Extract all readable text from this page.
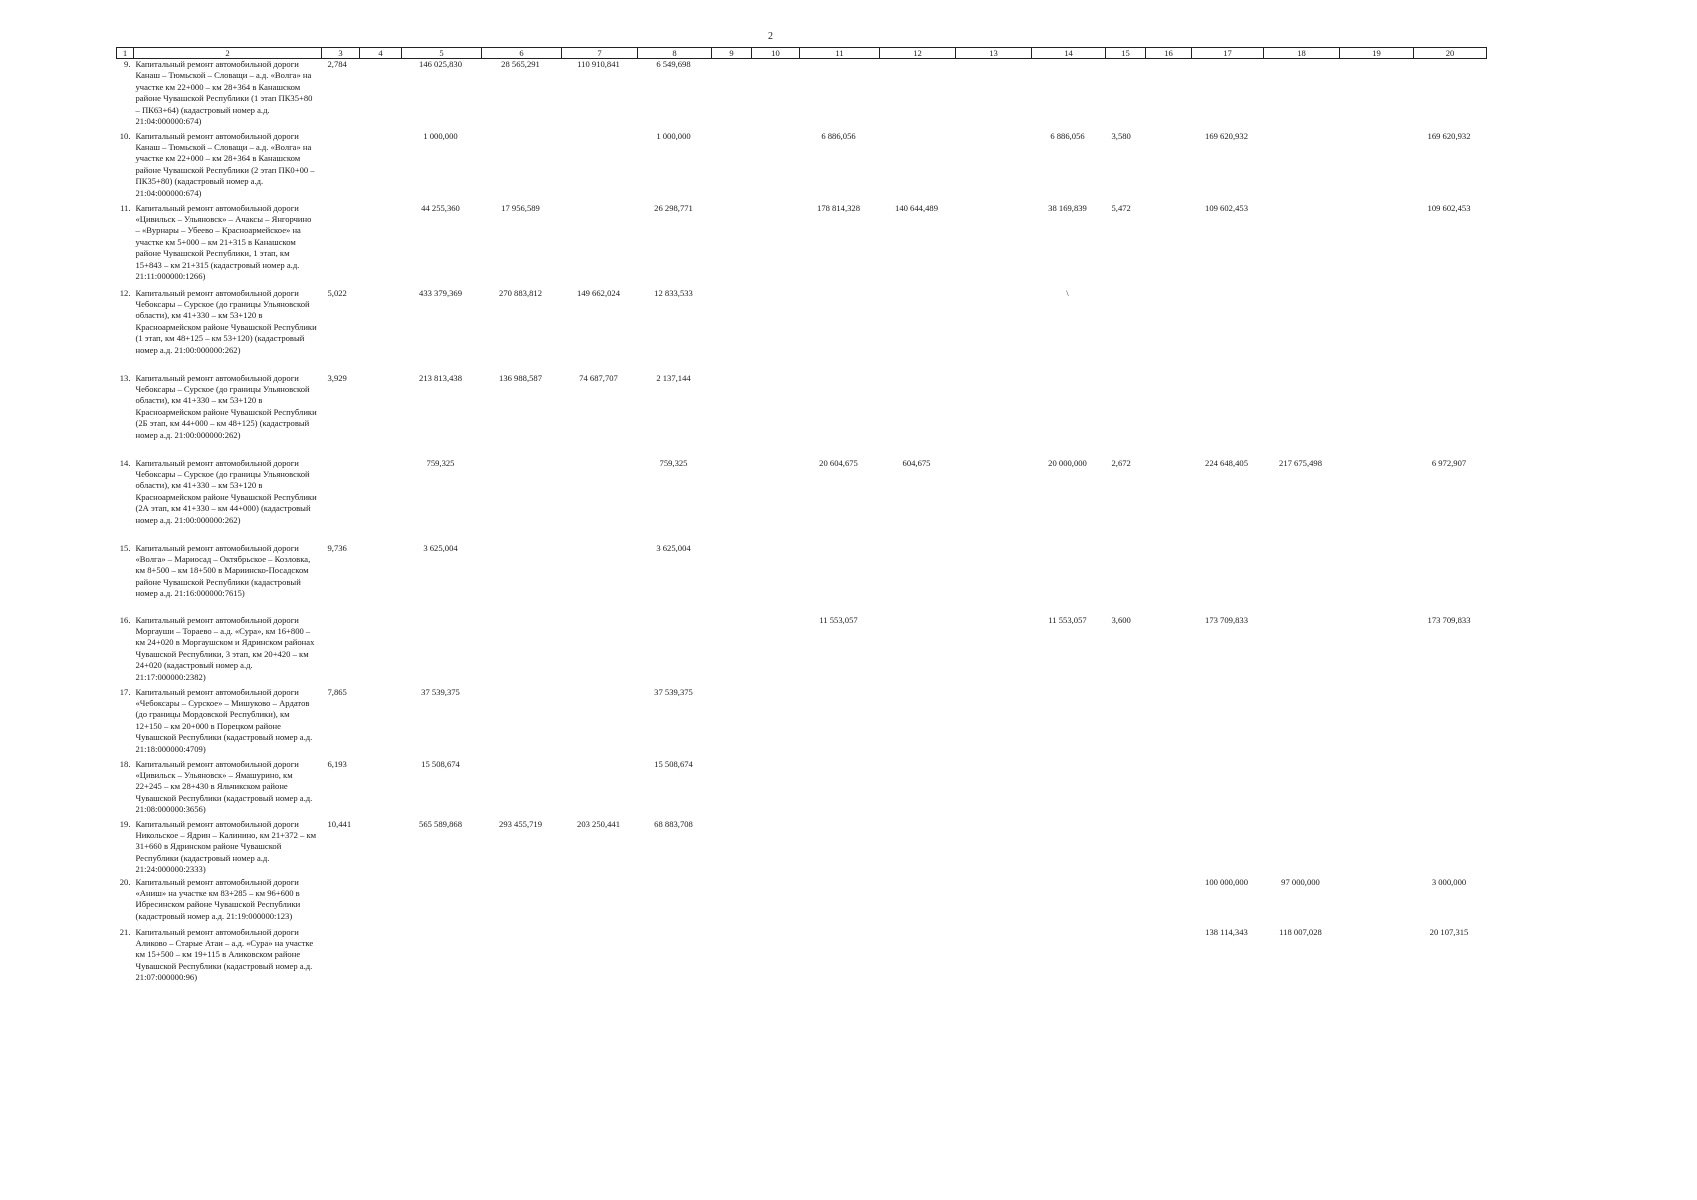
2
1	2	3	4	5	6	7	8	9	10	11	12	13	14	15	16	17	18	19	20
9.	Капитальный ремонт автомобильной дороги Канаш – Тюмьской – Словащи – а.д. «Волга» на участке км 22+000 – км 28+364 в Канашском районе Чувашской Республики (1 этап ПК35+80 – ПК63+64) (кадастровый номер а.д. 21:04:000000:674)	2,784		146 025,830	28 565,291	110 910,841	6 549,698												
10.	Капитальный ремонт автомобильной дороги Канаш – Тюмьской – Словащи – а.д. «Волга» на участке км 22+000 – км 28+364 в Канашском районе Чувашской Республики (2 этап ПК0+00 – ПК35+80) (кадастровый номер а.д. 21:04:000000:674)			1 000,000			1 000,000			6 886,056			6 886,056	3,580		169 620,932			169 620,932
11.	Капитальный ремонт автомобильной дороги «Цивильск – Ульяновск» – Ачаксы – Янгорчино – «Вурнары – Убеево – Красноармейское» на участке км 5+000 – км 21+315 в Канашском районе Чувашской Республики, 1 этап, км 15+843 – км 21+315 (кадастровый номер а.д. 21:11:000000:1266)			44 255,360	17 956,589		26 298,771			178 814,328	140 644,489		38 169,839	5,472		109 602,453			109 602,453
12.	Капитальный ремонт автомобильной дороги Чебоксары – Сурское (до границы Ульяновской области), км 41+330 – км 53+120 в Красноармейском районе Чувашской Республики (1 этап, км 48+125 – км 53+120) (кадастровый номер а.д. 21:00:000000:262)	5,022		433 379,369	270 883,812	149 662,024	12 833,533						\						
13.	Капитальный ремонт автомобильной дороги Чебоксары – Сурское (до границы Ульяновской области), км 41+330 – км 53+120 в Красноармейском районе Чувашской Республики (2Б этап, км 44+000 – км 48+125) (кадастровый номер а.д. 21:00:000000:262)	3,929		213 813,438	136 988,587	74 687,707	2 137,144												
14.	Капитальный ремонт автомобильной дороги Чебоксары – Сурское (до границы Ульяновской области), км 41+330 – км 53+120 в Красноармейском районе Чувашской Республики (2А этап, км 41+330 – км 44+000) (кадастровый номер а.д. 21:00:000000:262)			759,325			759,325			20 604,675	604,675		20 000,000	2,672		224 648,405	217 675,498		6 972,907
15.	Капитальный ремонт автомобильной дороги «Волга» – Мариосад – Октябрьское – Козловка, км 8+500 – км 18+500 в Мариинско-Посадском районе Чувашской Республики (кадастровый номер а.д. 21:16:000000:7615)	9,736		3 625,004			3 625,004												
16.	Капитальный ремонт автомобильной дороги Моргауши – Тораево – а.д. «Сура», км 16+800 – км 24+020 в Моргаушском и Ядринском районах Чувашской Республики, 3 этап, км 20+420 – км 24+020 (кадастровый номер а.д. 21:17:000000:2382)									11 553,057			11 553,057	3,600		173 709,833			173 709,833
17.	Капитальный ремонт автомобильной дороги «Чебоксары – Сурское» – Мишуково – Ардатов (до границы Мордовской Республики), км 12+150 – км 20+000 в Порецком районе Чувашской Республики (кадастровый номер а.д. 21:18:000000:4709)	7,865		37 539,375			37 539,375												
18.	Капитальный ремонт автомобильной дороги «Цивильск – Ульяновск» – Ямашурино, км 22+245 – км 28+430 в Яльчикском районе Чувашской Республики (кадастровый номер а.д. 21:08:000000:3656)	6,193		15 508,674			15 508,674												
19.	Капитальный ремонт автомобильной дороги Никольское – Ядрин – Калинино, км 21+372 – км 31+660 в Ядринском районе Чувашской Республики (кадастровый номер а.д. 21:24:000000:2333)	10,441		565 589,868	293 455,719	203 250,441	68 883,708												
20.	Капитальный ремонт автомобильной дороги «Аниш» на участке км 83+285 – км 96+600 в Ибресинском районе Чувашской Республики (кадастровый номер а.д. 21:19:000000:123)															100 000,000	97 000,000		3 000,000
21.	Капитальный ремонт автомобильной дороги Аликово – Старые Атаи – а.д. «Сура» на участке км 15+500 – км 19+115 в Аликовском районе Чувашской Республики (кадастровый номер а.д. 21:07:000000:96)															138 114,343	118 007,028		20 107,315
